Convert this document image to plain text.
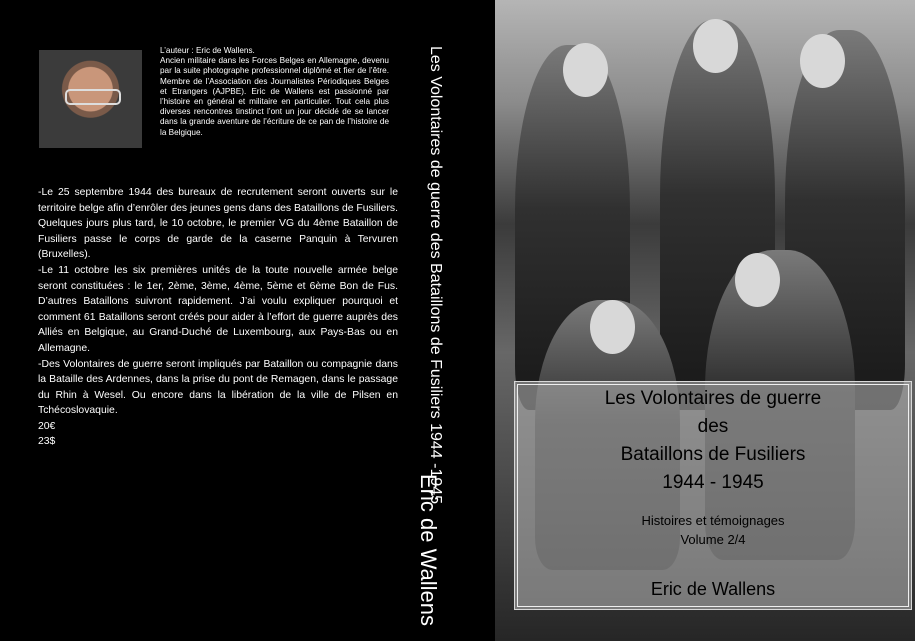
L’auteur : Eric de Wallens.
Ancien militaire dans les Forces Belges en Allemagne, devenu par la suite photographe professionnel diplômé et fier de l’être. Membre de l’Association des Journalistes Périodiques Belges et Etrangers (AJPBE). Eric de Wallens est passionné par l’histoire en général et militaire en particulier. Tout cela plus diverses rencontres tinstinct l’ont un jour décidé de se lancer dans la grande aventure de l’écriture de ce pan de l’histoire de la Belgique.

-Le 25 septembre 1944 des bureaux de recrutement seront ouverts sur le territoire belge afin d’enrôler des jeunes gens dans des Bataillons de Fusiliers. Quelques jours plus tard, le 10 octobre, le premier VG du 4ème Bataillon de Fusiliers passe le corps de garde de la caserne Panquin à Tervuren (Bruxelles).

-Le 11 octobre les six premières unités de la toute nouvelle armée belge seront constituées : le 1er, 2ème, 3ème, 4ème, 5ème et 6ème Bon de Fus. D’autres Bataillons suivront rapidement. J’ai voulu expliquer pourquoi et comment 61 Bataillons seront créés pour aider à l’effort de guerre auprès des Alliés en Belgique, au Grand-Duché de Luxembourg, aux Pays-Bas ou en Allemagne.

-Des Volontaires de guerre seront impliqués par Bataillon ou compagnie dans la Bataille des Ardennes, dans la prise du pont de Remagen, dans le passage du Rhin à Wesel. Ou encore dans la libération de la ville de Pilsen en Tchécoslovaquie.

20€
23$	Les Volontaires de guerre des Bataillons de Fusiliers 1944 -1945
Eric de Wallens
Les Volontaires de guerre
des
Bataillons de Fusiliers
1944 - 1945
Histoires et témoignages
Volume 2/4
Eric de Wallens
